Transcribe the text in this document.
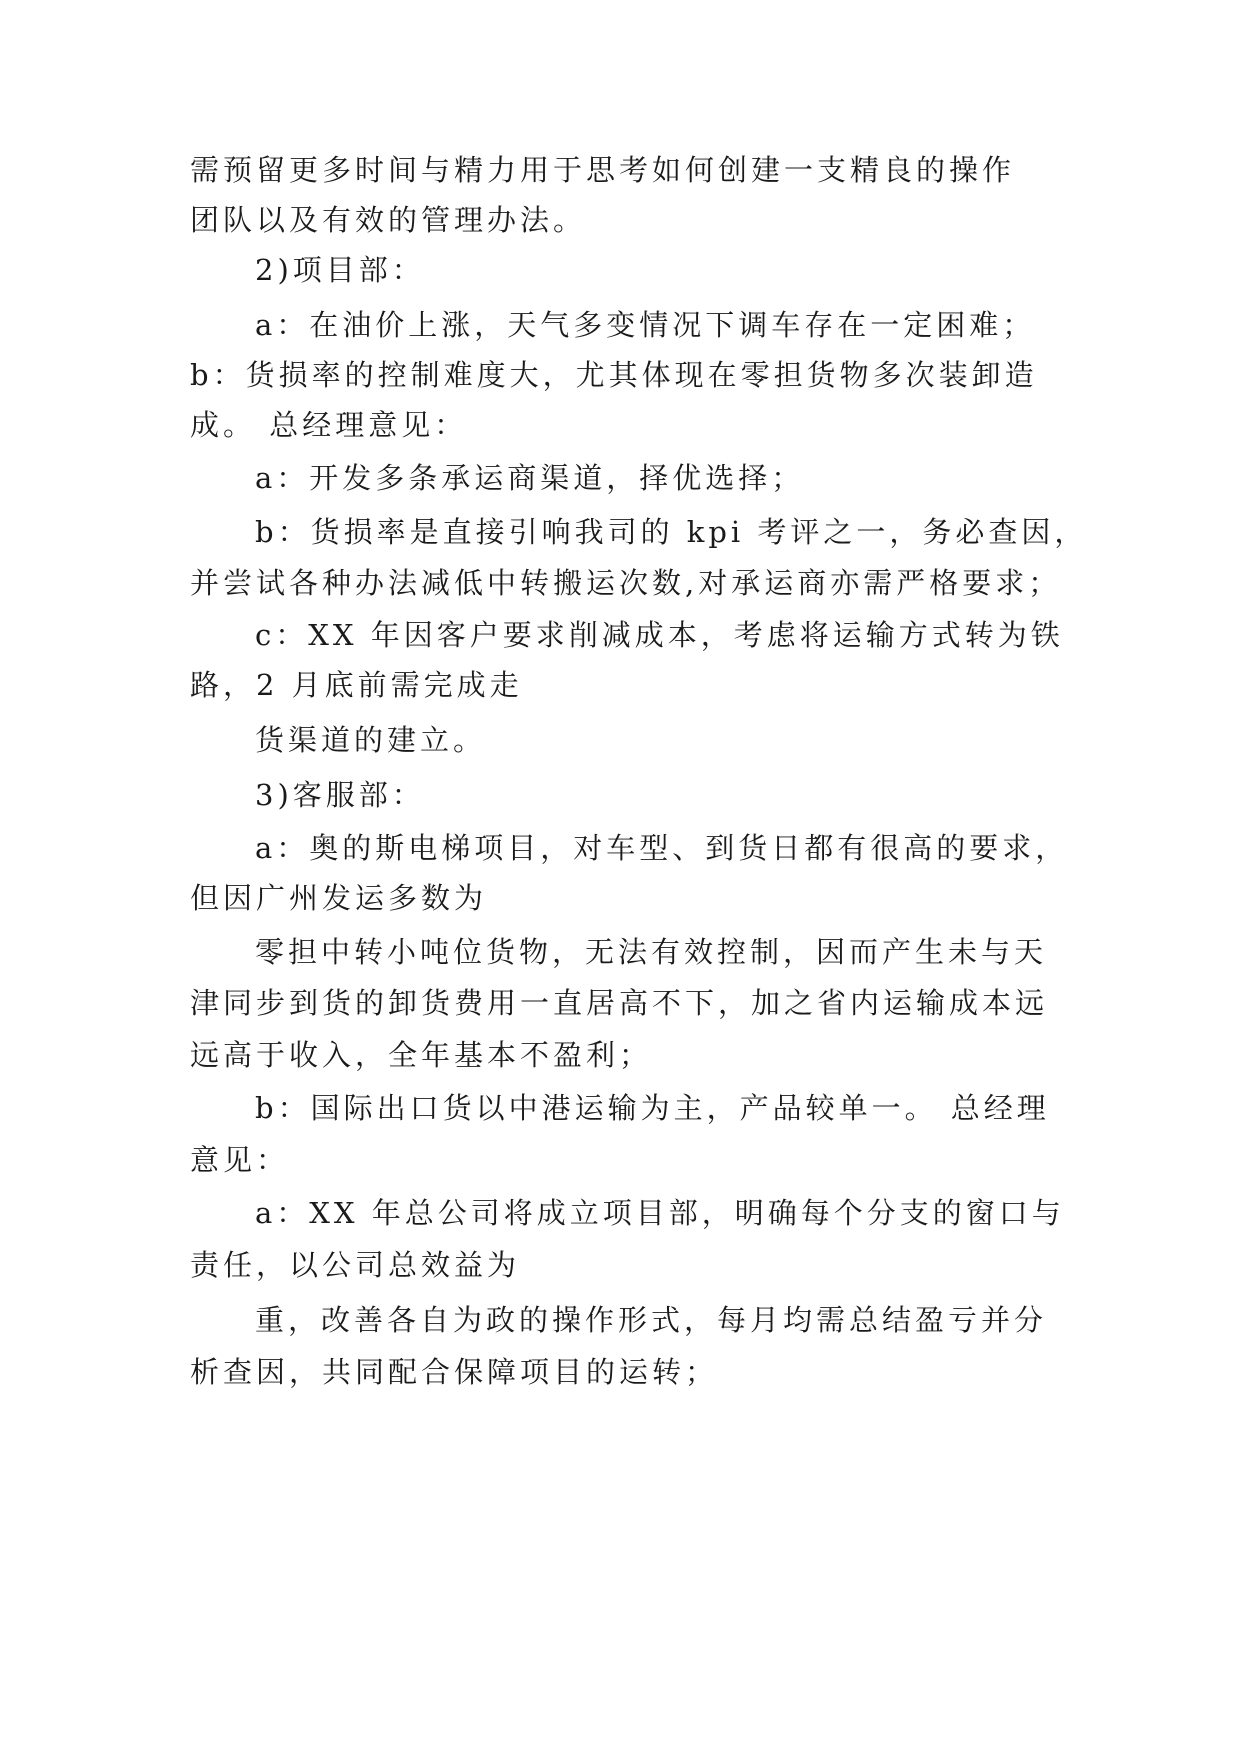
需预留更多时间与精力用于思考如何创建一支精良的操作
团队以及有效的管理办法。
2)项目部：
a：在油价上涨，天气多变情况下调车存在一定困难；
b：货损率的控制难度大，尤其体现在零担货物多次装卸造
成。 总经理意见：
a：开发多条承运商渠道，择优选择；
b：货损率是直接引响我司的 kpi 考评之一，务必查因，
并尝试各种办法减低中转搬运次数,对承运商亦需严格要求；
c：XX 年因客户要求削减成本，考虑将运输方式转为铁
路，2 月底前需完成走
货渠道的建立。
3)客服部：
a：奥的斯电梯项目，对车型、到货日都有很高的要求，
但因广州发运多数为
零担中转小吨位货物，无法有效控制，因而产生未与天
津同步到货的卸货费用一直居高不下，加之省内运输成本远
远高于收入，全年基本不盈利；
b：国际出口货以中港运输为主，产品较单一。 总经理
意见：
a：XX 年总公司将成立项目部，明确每个分支的窗口与
责任，以公司总效益为
重，改善各自为政的操作形式，每月均需总结盈亏并分
析查因，共同配合保障项目的运转；
